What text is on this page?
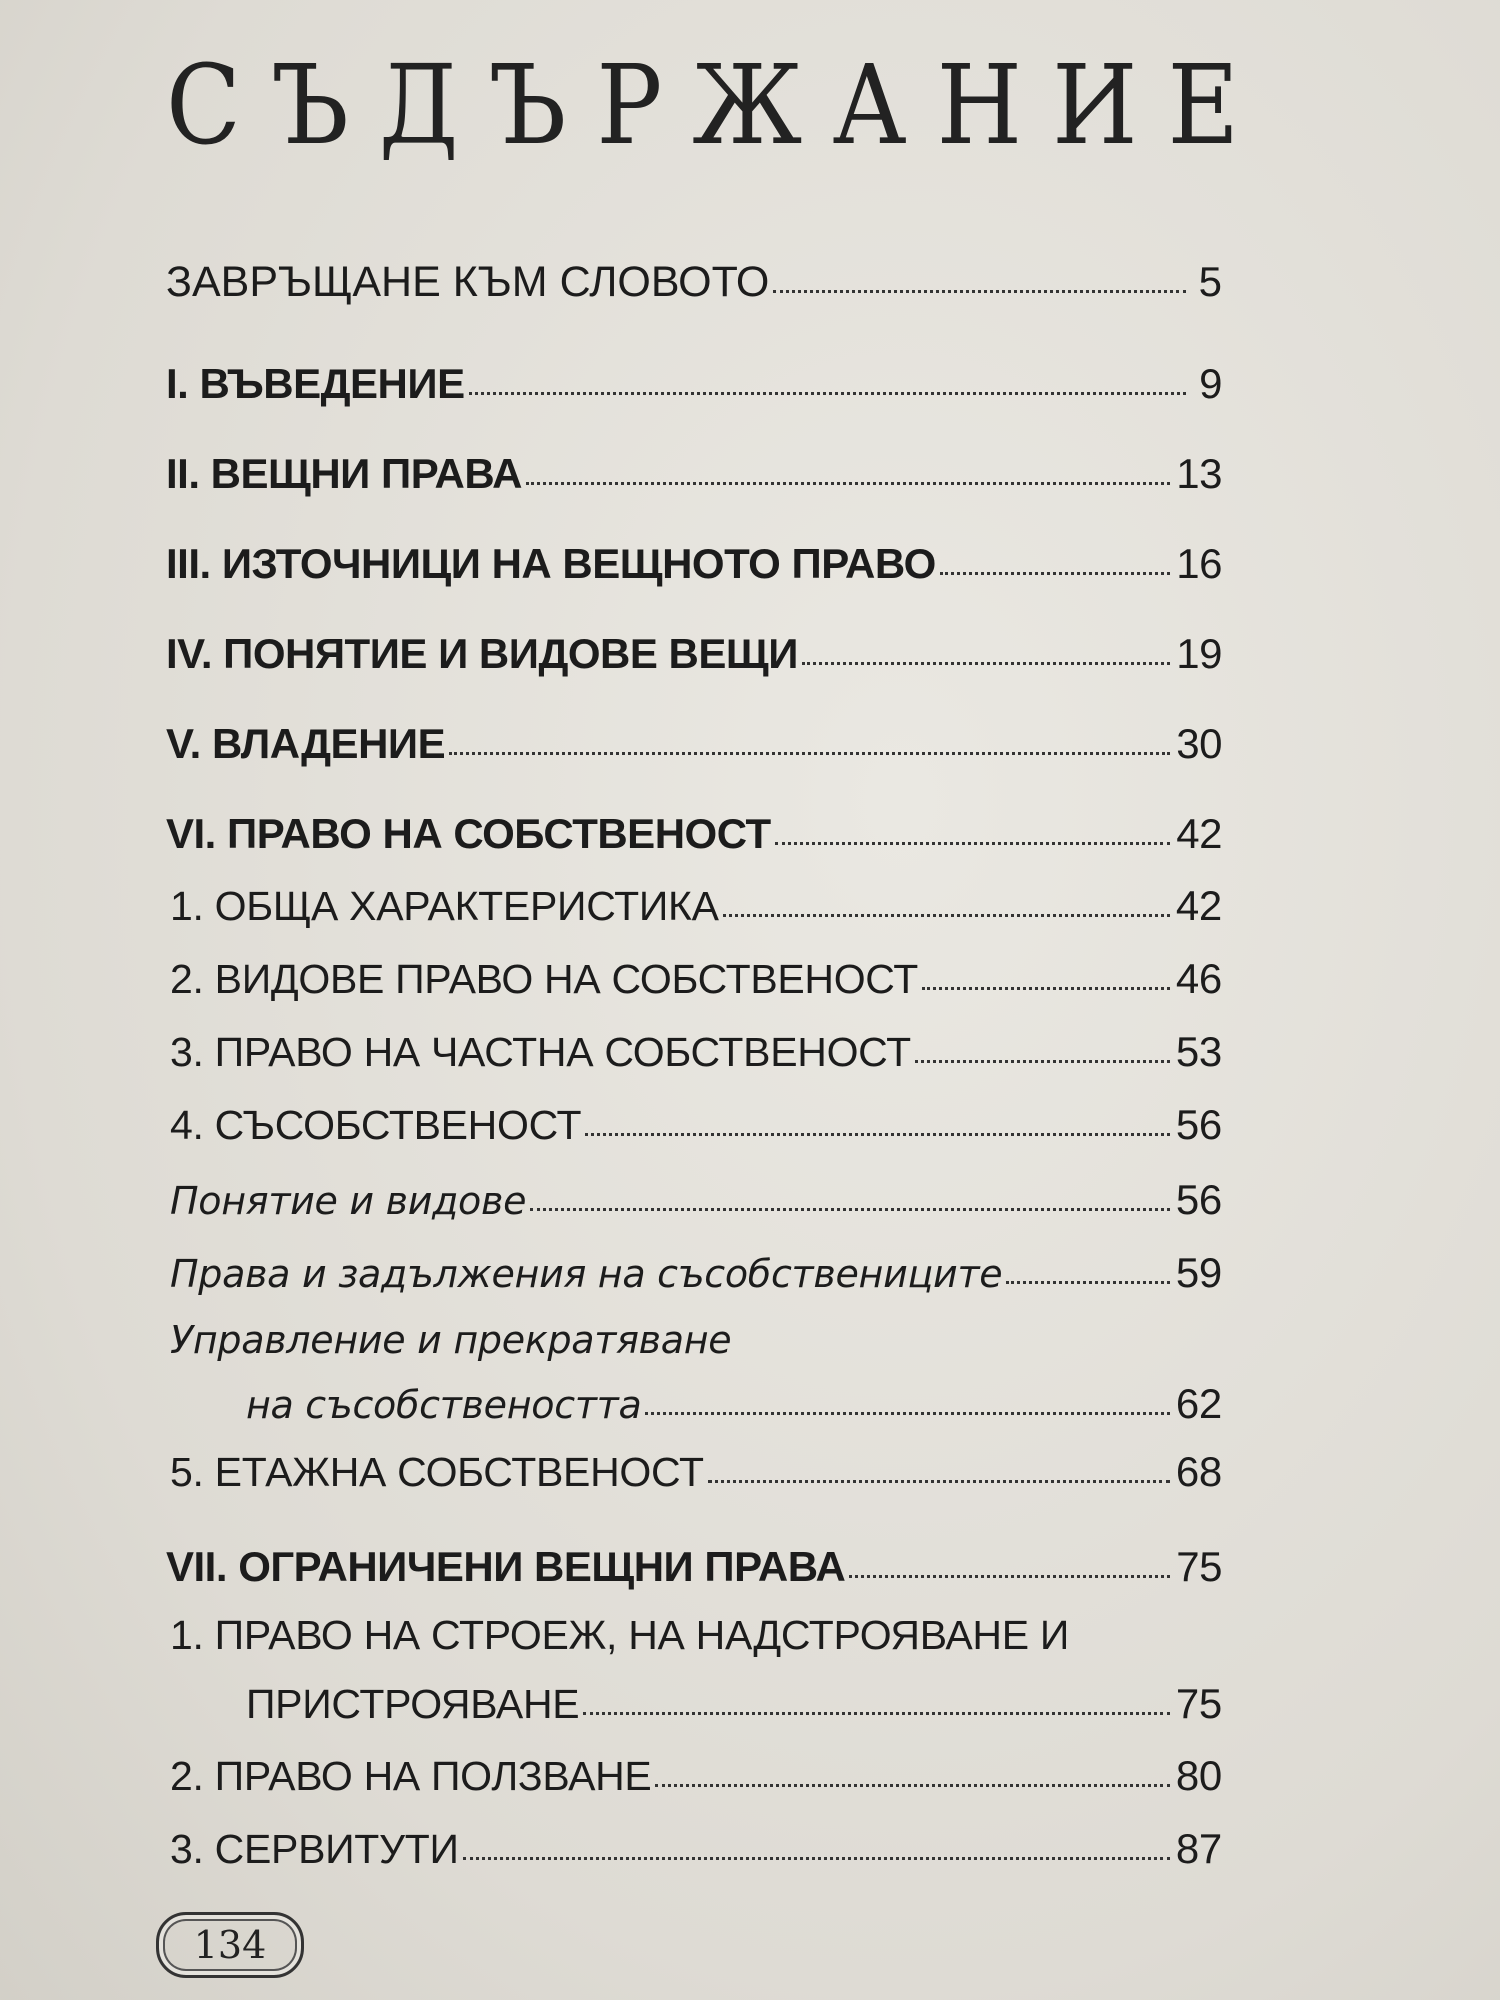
СЪДЪРЖАНИЕ
ЗАВРЪЩАНЕ КЪМ СЛОВОТО	5
I. ВЪВЕДЕНИЕ	9
II. ВЕЩНИ ПРАВА	13
III. ИЗТОЧНИЦИ НА ВЕЩНОТО ПРАВО	16
IV. ПОНЯТИЕ И ВИДОВЕ ВЕЩИ	19
V. ВЛАДЕНИЕ	30
VI. ПРАВО НА СОБСТВЕНОСТ	42
1. ОБЩА ХАРАКТЕРИСТИКА	42
2. ВИДОВЕ ПРАВО НА СОБСТВЕНОСТ	46
3. ПРАВО НА ЧАСТНА СОБСТВЕНОСТ	53
4. СЪСОБСТВЕНОСТ	56
Понятие и видове	56
Права и задължения на съсобствениците	59
Управление и прекратяване
на съсобствеността	62
5. ЕТАЖНА СОБСТВЕНОСТ	68
VII. ОГРАНИЧЕНИ ВЕЩНИ ПРАВА	75
1. ПРАВО НА СТРОЕЖ, НА НАДСТРОЯВАНЕ И
ПРИСТРОЯВАНЕ	75
2. ПРАВО НА ПОЛЗВАНЕ	80
3. СЕРВИТУТИ	87
134
